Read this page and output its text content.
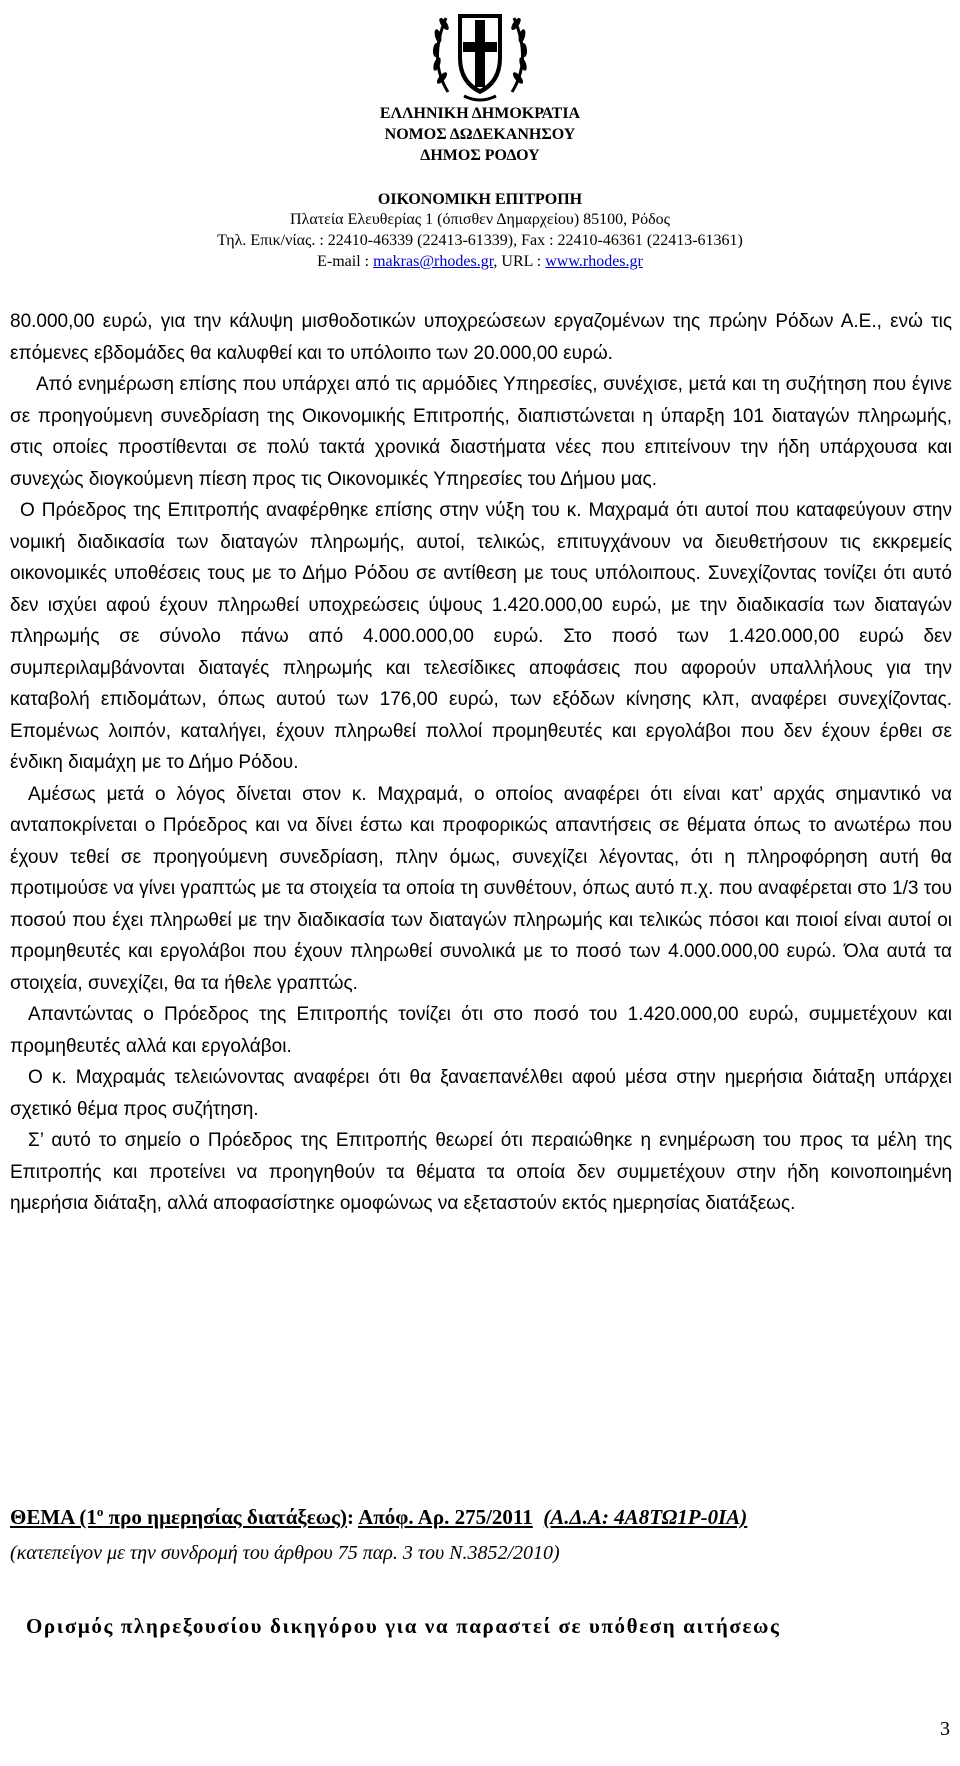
ΕΛΛΗΝΙΚΗ ΔΗΜΟΚΡΑΤΙΑ
ΝΟΜΟΣ ΔΩΔΕΚΑΝΗΣΟΥ
ΔΗΜΟΣ ΡΟΔΟΥ
ΟΙΚΟΝΟΜΙΚΗ ΕΠΙΤΡΟΠΗ
Πλατεία Ελευθερίας 1 (όπισθεν Δημαρχείου) 85100, Ρόδος
Τηλ. Επικ/νίας. : 22410-46339 (22413-61339), Fax : 22410-46361 (22413-61361)
E-mail : makras@rhodes.gr, URL : www.rhodes.gr

80.000,00 ευρώ, για την κάλυψη μισθοδοτικών υποχρεώσεων εργαζομένων της πρώην Ρόδων Α.Ε., ενώ τις επόμενες εβδομάδες θα καλυφθεί και το υπόλοιπο των 20.000,00 ευρώ.

Από ενημέρωση επίσης που υπάρχει από τις αρμόδιες Υπηρεσίες, συνέχισε, μετά και τη συζήτηση που έγινε σε προηγούμενη συνεδρίαση της Οικονομικής Επιτροπής, διαπιστώνεται η ύπαρξη 101 διαταγών πληρωμής, στις οποίες προστίθενται σε πολύ τακτά χρονικά διαστήματα νέες που επιτείνουν την ήδη υπάρχουσα και συνεχώς διογκούμενη πίεση προς τις Οικονομικές Υπηρεσίες του Δήμου μας.

Ο Πρόεδρος της Επιτροπής αναφέρθηκε επίσης στην νύξη του κ. Μαχραμά ότι αυτοί που καταφεύγουν στην νομική διαδικασία των διαταγών πληρωμής, αυτοί, τελικώς, επιτυγχάνουν να διευθετήσουν τις εκκρεμείς οικονομικές υποθέσεις τους με το Δήμο Ρόδου σε αντίθεση με τους υπόλοιπους. Συνεχίζοντας τονίζει ότι αυτό δεν ισχύει αφού έχουν πληρωθεί υποχρεώσεις ύψους 1.420.000,00 ευρώ, με την διαδικασία των διαταγών πληρωμής σε σύνολο πάνω από 4.000.000,00 ευρώ. Στο ποσό των 1.420.000,00 ευρώ δεν συμπεριλαμβάνονται διαταγές πληρωμής και τελεσίδικες αποφάσεις που αφορούν υπαλλήλους για την καταβολή επιδομάτων, όπως αυτού των 176,00 ευρώ, των εξόδων κίνησης κλπ, αναφέρει συνεχίζοντας. Επομένως λοιπόν, καταλήγει, έχουν πληρωθεί πολλοί προμηθευτές και εργολάβοι που δεν έχουν έρθει σε ένδικη διαμάχη με το Δήμο Ρόδου.

Αμέσως μετά ο λόγος δίνεται στον κ. Μαχραμά, ο οποίος αναφέρει ότι είναι κατ’ αρχάς σημαντικό να ανταποκρίνεται ο Πρόεδρος και να δίνει έστω και προφορικώς απαντήσεις σε θέματα όπως το ανωτέρω που έχουν τεθεί σε προηγούμενη συνεδρίαση, πλην όμως, συνεχίζει λέγοντας, ότι η πληροφόρηση αυτή θα προτιμούσε να γίνει γραπτώς με τα στοιχεία τα οποία τη συνθέτουν, όπως αυτό π.χ. που αναφέρεται στο 1/3 του ποσού που έχει πληρωθεί με την διαδικασία των διαταγών πληρωμής και τελικώς πόσοι και ποιοί είναι αυτοί οι προμηθευτές και εργολάβοι που έχουν πληρωθεί συνολικά με το ποσό των 4.000.000,00 ευρώ. Όλα αυτά τα στοιχεία, συνεχίζει, θα τα ήθελε γραπτώς.

Απαντώντας ο Πρόεδρος της Επιτροπής τονίζει ότι στο ποσό του 1.420.000,00 ευρώ, συμμετέχουν και προμηθευτές αλλά και εργολάβοι.

Ο κ. Μαχραμάς τελειώνοντας αναφέρει ότι θα ξαναεπανέλθει αφού μέσα στην ημερήσια διάταξη υπάρχει σχετικό θέμα προς συζήτηση.

Σ’ αυτό το σημείο ο Πρόεδρος της Επιτροπής θεωρεί ότι περαιώθηκε η ενημέρωση του προς τα μέλη της Επιτροπής και προτείνει να προηγηθούν τα θέματα τα οποία δεν συμμετέχουν στην ήδη κοινοποιημένη ημερήσια διάταξη, αλλά αποφασίστηκε ομοφώνως να εξεταστούν εκτός ημερησίας διατάξεως.

ΘΕΜΑ ($1^o$ προ ημερησίας διατάξεως): Απόφ. Αρ. 275/2011 (Α.Δ.Α: 4Α8ΤΩ1Ρ-0ΙΑ)
(κατεπείγον με την συνδρομή του άρθρου 75 παρ. 3 του Ν.3852/2010)
Ορισμός πληρεξουσίου δικηγόρου για να παραστεί σε υπόθεση αιτήσεως
3
